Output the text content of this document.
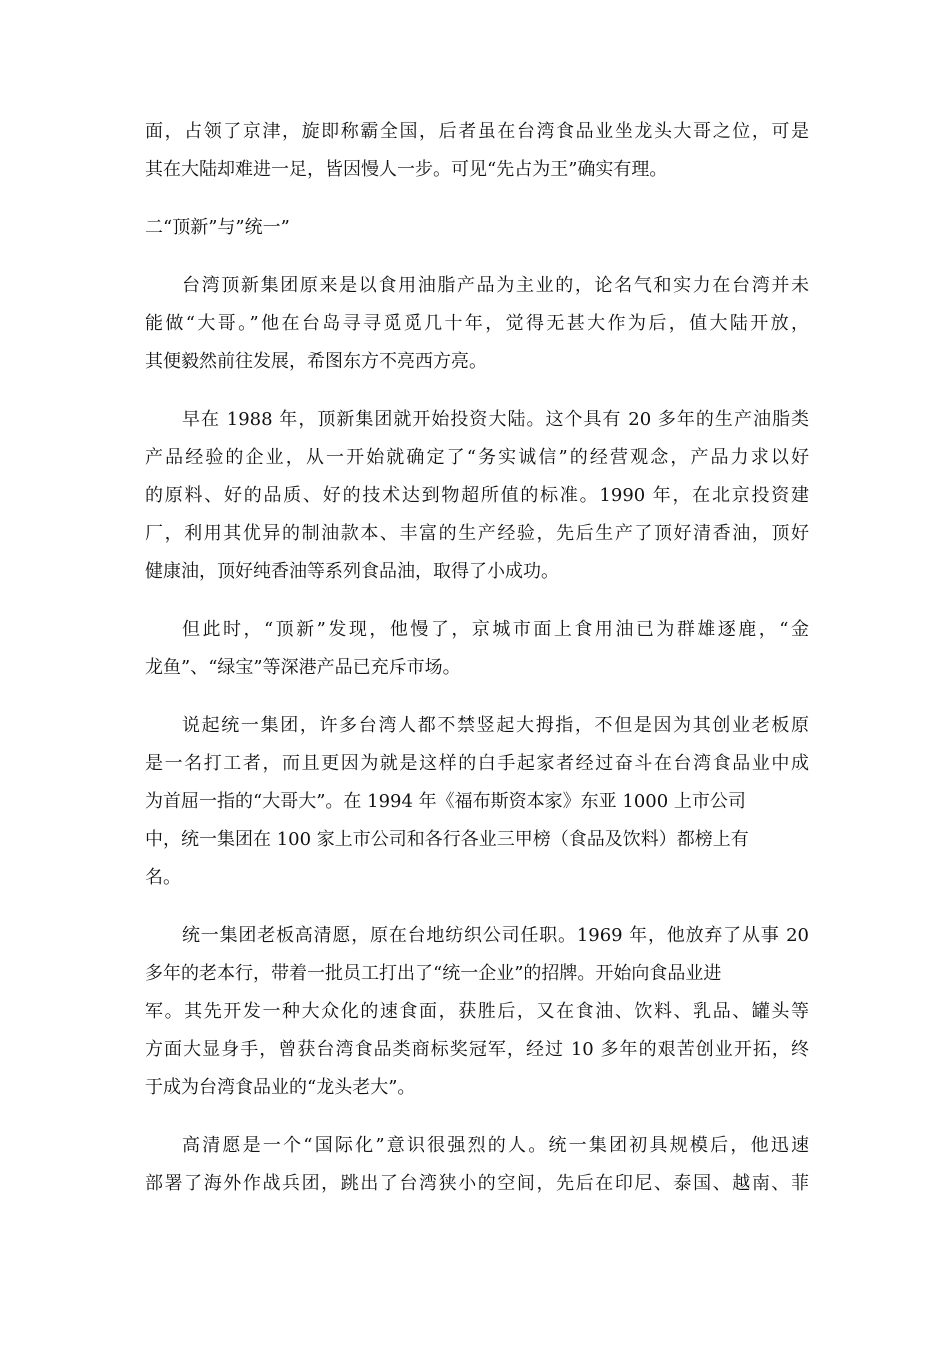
面，占领了京津，旋即称霸全国，后者虽在台湾食品业坐龙头大哥之位，可是
其在大陆却难进一足，皆因慢人一步。可见“先占为王”确实有理。
二“顶新”与”统一”
台湾顶新集团原来是以食用油脂产品为主业的，论名气和实力在台湾并未
能做“大哥。”他在台岛寻寻觅觅几十年，觉得无甚大作为后，值大陆开放，
其便毅然前往发展，希图东方不亮西方亮。
早在 1988 年，顶新集团就开始投资大陆。这个具有 20 多年的生产油脂类
产品经验的企业，从一开始就确定了“务实诚信”的经营观念，产品力求以好
的原料、好的品质、好的技术达到物超所值的标准。1990 年，在北京投资建
厂，利用其优异的制油款本、丰富的生产经验，先后生产了顶好清香油，顶好
健康油，顶好纯香油等系列食品油，取得了小成功。
但此时，“顶新”发现，他慢了，京城市面上食用油已为群雄逐鹿，“金
龙鱼”、“绿宝”等深港产品已充斥市场。
说起统一集团，许多台湾人都不禁竖起大拇指，不但是因为其创业老板原
是一名打工者，而且更因为就是这样的白手起家者经过奋斗在台湾食品业中成
为首屈一指的“大哥大”。在 1994 年《福布斯资本家》东亚 1000 上市公司
中，统一集团在 100 家上市公司和各行各业三甲榜（食品及饮料）都榜上有
名。
统一集团老板高清愿，原在台地纺织公司任职。1969 年，他放弃了从事 20
多年的老本行，带着一批员工打出了“统一企业”的招牌。开始向食品业进
军。其先开发一种大众化的速食面，获胜后，又在食油、饮料、乳品、罐头等
方面大显身手，曾获台湾食品类商标奖冠军，经过 10 多年的艰苦创业开拓，终
于成为台湾食品业的“龙头老大”。
高清愿是一个“国际化”意识很强烈的人。统一集团初具规模后，他迅速
部署了海外作战兵团，跳出了台湾狭小的空间，先后在印尼、泰国、越南、菲
